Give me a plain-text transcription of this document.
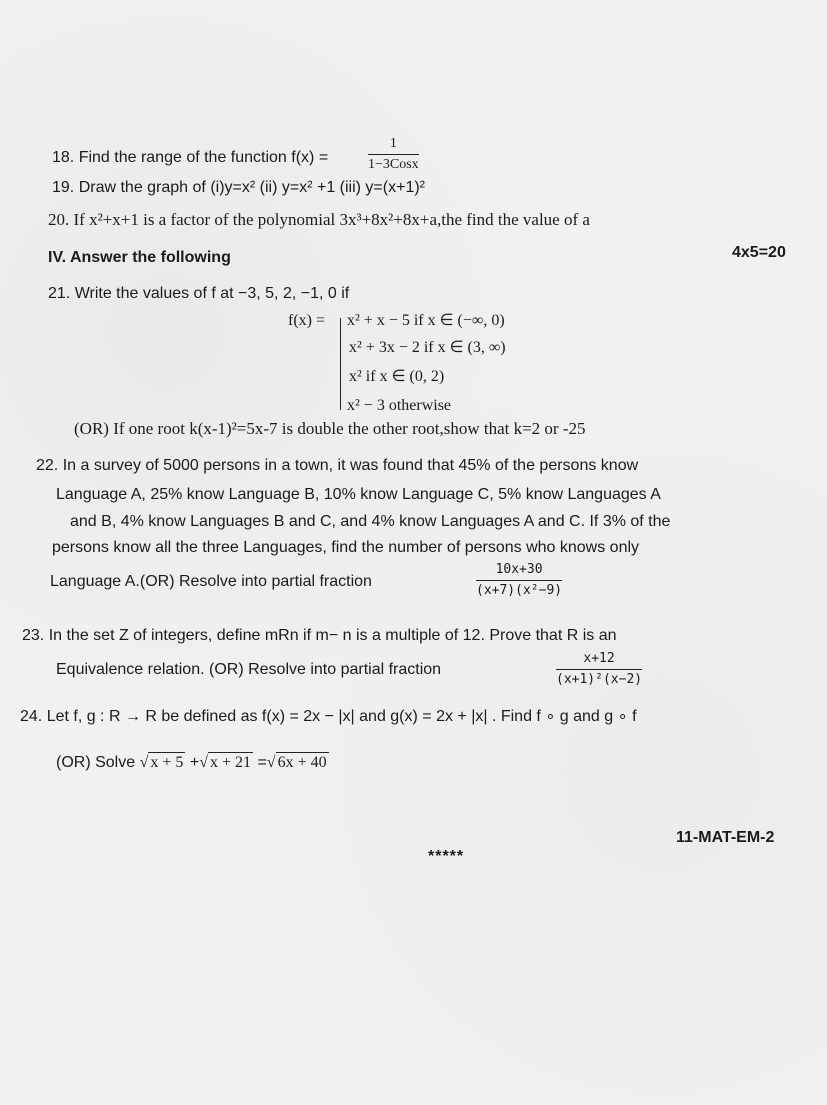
18. Find the range of the function f(x) =
1
1−3Cosx
19. Draw the graph of (i)y=x² (ii) y=x² +1 (iii) y=(x+1)²
20. If x²+x+1 is a factor of the polynomial 3x³+8x²+8x+a,the find the value of a
IV. Answer the following	4x5=20
21. Write the values of f at −3, 5, 2, −1, 0 if
f(x) = x² + x − 5 if x ∈ (−∞, 0)
x² + 3x − 2 if x ∈ (3, ∞)
x² if x ∈ (0, 2)
x² − 3 otherwise
(OR) If one root k(x-1)²=5x-7 is double the other root,show that k=2 or -25
22. In a survey of 5000 persons in a town, it was found that 45% of the persons know
Language A, 25% know Language B, 10% know Language C, 5% know Languages A
and B, 4% know Languages B and C, and 4% know Languages A and C. If 3% of the
persons know all the three Languages, find the number of persons who knows only
Language A.(OR) Resolve into partial fraction	$\frac{10x+30}{\text{(x+7)(x²−9)}}$
23. In the set Z of integers, define mRn if m− n is a multiple of 12. Prove that R is an
Equivalence relation. (OR) Resolve into partial fraction	$\frac{x+12}{\text{(x+1)²(x−2)}}$
24. Let f, g : R → R be defined as f(x) = 2x − |x| and g(x) = 2x + |x| . Find f ∘ g and g ∘ f
(OR) Solve √ x + 5 +√ x + 21 =√ 6x + 40
11-MAT-EM-2
*****
